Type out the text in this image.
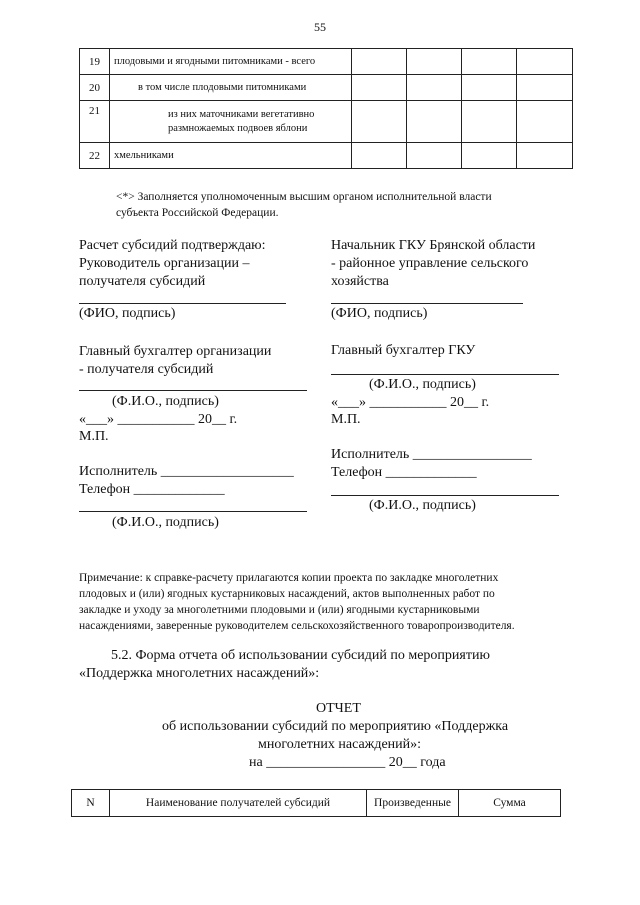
55
19	плодовыми и ягодными питомниками - всего				
20	в том числе плодовыми питомниками				
21	из них маточниками вегетативно
размножаемых подвоев яблони				

22	хмельниками				
<*> Заполняется уполномоченным высшим органом исполнительной власти
субъекта Российской Федерации.
Расчет субсидий подтверждаю:
Руководитель организации –
получателя субсидий
(ФИО, подпись)
Главный бухгалтер организации
- получателя субсидий
(Ф.И.О., подпись)
«___» ___________ 20__ г.
М.П.
Исполнитель ___________________
Телефон _____________
(Ф.И.О., подпись)
Начальник ГКУ Брянской области
- районное управление сельского
хозяйства
(ФИО, подпись)
Главный бухгалтер ГКУ
(Ф.И.О., подпись)
«___» ___________ 20__ г.
М.П.
Исполнитель _________________
Телефон _____________
(Ф.И.О., подпись)
Примечание: к справке-расчету прилагаются копии проекта по закладке многолетних
плодовых и (или) ягодных кустарниковых насаждений, актов выполненных работ по
закладке и уходу за многолетними плодовыми и (или) ягодными кустарниковыми
насаждениями, заверенные руководителем сельскохозяйственного товаропроизводителя.
5.2. Форма отчета об использовании субсидий по мероприятию
«Поддержка многолетних насаждений»:
ОТЧЕТ
об использовании субсидий по мероприятию «Поддержка
многолетних насаждений»:
на _________________ 20__ года
N	Наименование получателей субсидий	Произведенные	Сумма
